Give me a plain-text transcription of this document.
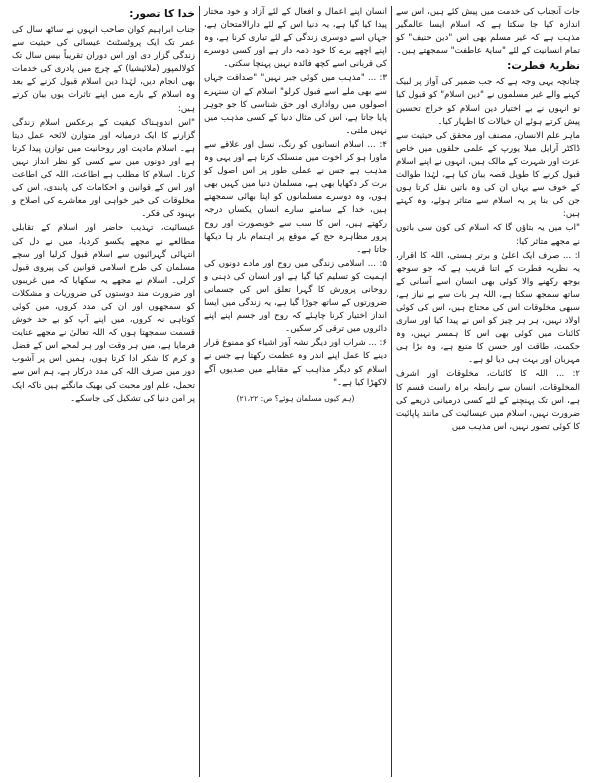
جات آنجناب کی خدمت میں پیش کئے ہیں، اس سے اندازہ کیا جا سکتا ہے کہ اسلام ایسا عالمگیر مذہب ہے کہ غیر مسلم بھی اس "دین حنیف" کو تمام انسانیت کے لئے "سایۂ عاطفت" سمجھتے ہیں۔

نظریۂ فطرت:

چنانچہ یہی وجہ ہے کہ جب ضمیر کی آواز پر لبیک کہنے والے غیر مسلموں نے "دین اسلام" کو قبول کیا تو انہوں نے بے اختیار دین اسلام کو خراج تحسین پیش کرتے ہوئے ان خیالات کا اظہار کیا۔

ماہر علم الانسان، مصنف اور محقق کی حیثیت سے ڈاکٹر آرایل میلا یورپ کے علمی حلقوں میں خاص عزت اور شہرت کے مالک ہیں، انہوں نے اپنے اسلام قبول کرنے کا طویل قصہ بیان کیا ہے، لہٰذا طوالت کے خوف سے یہاں ان کی وہ باتیں نقل کرتا ہوں جن کی بنا پر یہ اسلام سے متاثر ہوئے، وہ کہتے ہیں:

"اب میں یہ بتاؤں گا کہ اسلام کی کون سی باتوں نے مجھے متاثر کیا:

ا: ... صرف ایک اعلیٰ و برتر ہستی، اللہ کا اقرار، یہ نظریہ فطرت کے اتنا قریب ہے کہ جو سوجھ بوجھ رکھنے والا کوئی بھی انسان اسے آسانی کے ساتھ سمجھ سکتا ہے، اللہ ہر بات سے بے نیاز ہے، سبھی مخلوقات اس کی محتاج ہیں، اس کی کوئی اولاد نہیں، ہر ہر چیز کو اس نے پیدا کیا اور ساری کائنات میں کوئی بھی اس کا ہمسر نہیں، وہ حکمت، طاقت اور حسن کا منبع ہے، وہ بڑا ہی مہربان اور بہت ہی دیا لو ہے۔

۲: ... اللہ کا کائنات، مخلوقات اور اشرف المخلوقات، انسان سے رابطہ براہ راست قسم کا ہے، اس تک پہنچنے کے لئے کسی درمیانی ذریعے کی ضرورت نہیں، اسلام میں عیسائیت کی مانند پاپائیت کا کوئی تصور نہیں، اس مذہب میں

انسان اپنے اعمال و افعال کے لئے آزاد و خود مختار پیدا کیا گیا ہے، یہ دنیا اس کے لئے دارالامتحان ہے، جہاں اسے دوسری زندگی کے لئے تیاری کرنا ہے، وہ اپنے اچھے برے کا خود ذمہ دار ہے اور کسی دوسرے کی قربانی اسے کچھ فائدہ نہیں پہنچا سکتی۔

۳: ... "مذہب میں کوئی جبر نہیں" "صداقت جہاں سے بھی ملے اسے قبول کرلو" اسلام کے ان سنہرے اصولوں میں رواداری اور حق شناسی کا جو جوہر پایا جاتا ہے، اس کی مثال دنیا کے کسی مذہب میں نہیں ملتی۔

۴: ... اسلام انسانوں کو رنگ، نسل اور علاقے سے ماورا ہو کر اخوت میں منسلک کرتا ہے اور یہی وہ مذہب ہے جس نے عملی طور پر اس اصول کو برت کر دکھایا بھی ہے، مسلمان دنیا میں کہیں بھی ہوں، وہ دوسرے مسلمانوں کو اپنا بھائی سمجھتے ہیں، خدا کے سامنے سارے انسان یکساں درجہ رکھتے ہیں، اس کا سب سے خوبصورت اور روح پرور مظاہرہ حج کے موقع پر اہتمام بار ہا دیکھا جاتا ہے۔

۵: ... اسلامی زندگی میں روح اور مادے دونوں کی اہمیت کو تسلیم کیا گیا ہے اور انسان کی ذہنی و روحانی پرورش کا گہرا تعلق اس کی جسمانی ضرورتوں کے ساتھ جوڑا گیا ہے، یہ زندگی میں ایسا انداز اختیار کرنا چاہئے کہ روح اور جسم اپنے اپنے دائروں میں ترقی کر سکیں۔

۶: ... شراب اور دیگر نشہ آور اشیاء کو ممنوع قرار دینے کا عمل اپنے اندر وہ عظمت رکھتا ہے جس نے اسلام کو دیگر مذاہب کے مقابلے میں صدیوں آگے لاکھڑا کیا ہے۔"

(ہم کیوں مسلمان ہوئے؟ ص: ۲۱،۲۲)
خدا کا تصور:

جناب ابراہیم کوان صاحب انہوں نے ساٹھ سال کی عمر تک ایک پروٹسٹنٹ عیسائی کی حیثیت سے زندگی گزار دی اور اس دوران تقریباً بیس سال تک کولالمپور (ملائیشیا) کے چرچ میں پادری کی خدمات بھی انجام دیں، لہٰذا دین اسلام قبول کرنے کے بعد وہ اسلام کے بارے میں اپنے تاثرات یوں بیان کرتے ہیں:

"اس اندوہناک کیفیت کے برعکس اسلام زندگی گزارنے کا ایک درمیانہ اور متوازن لائحہ عمل دیتا ہے۔ اسلام مادیت اور روحانیت میں توازن پیدا کرتا ہے اور دونوں میں سے کسی کو نظر انداز نہیں کرتا۔ اسلام کا مطلب ہے اطاعت، اللہ کی اطاعت اور اس کے قوانین و احکامات کی پابندی، اس کی مخلوقات کی خیر خواہی اور معاشرے کی اصلاح و بہبود کی فکر۔

عیسائیت، تہذیب حاضر اور اسلام کے تقابلی مطالعے نے مجھے یکسو کردیا، میں نے دل کی انتہائی گہرائیوں سے اسلام قبول کرلیا اور سچے مسلمان کی طرح اسلامی قوانین کی پیروی قبول کرلی۔ اسلام نے مجھے یہ سکھایا کہ میں غریبوں اور ضرورت مند دوستوں کی ضروریات و مشکلات کو سمجھوں اور ان کی مدد کروں، میں کوئی کوتاہی نہ کروں، میں اپنے آپ کو بے حد خوش قسمت سمجھتا ہوں کہ اللہ تعالیٰ نے مجھے عنایت فرمایا ہے، میں ہر وقت اور ہر لمحے اس کے فضل و کرم کا شکر ادا کرتا ہوں، ہمیں اس پر آشوب دور میں صرف اللہ کی مدد درکار ہے، ہم اس سے تحمل، علم اور محبت کی بھیک مانگتے ہیں تاکہ ایک پر امن دنیا کی تشکیل کی جاسکے۔
